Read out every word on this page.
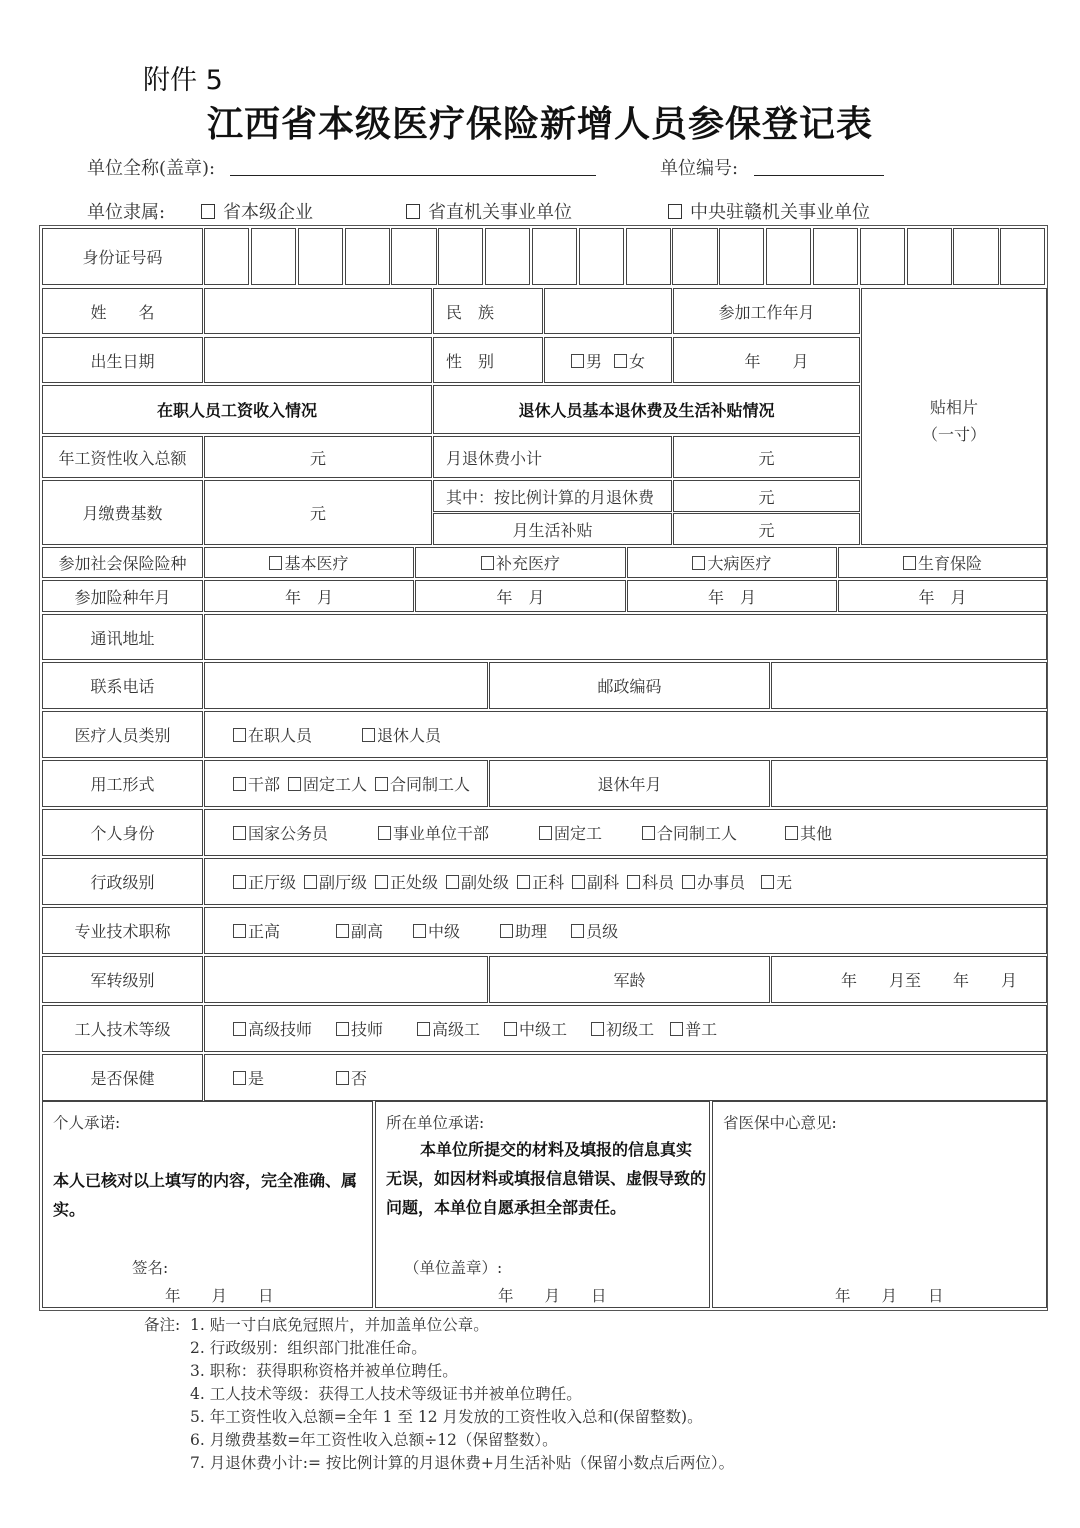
附件 5
江西省本级医疗保险新增人员参保登记表
单位全称(盖章):	单位编号:
单位隶属:	省本级企业	省直机关事业单位	中央驻赣机关事业单位
身份证号码
姓　　名	民　族	参加工作年月
贴相片
（一寸）
出生日期	性　别	男	女	年　　月
在职人员工资收入情况	退休人员基本退休费及生活补贴情况
年工资性收入总额	元	月退休费小计	元
月缴费基数	元
其中：按比例计算的月退休费	元
月生活补贴	元
参加社会保险险种	基本医疗	补充医疗	大病医疗	生育保险
参加险种年月	年　月	年　月	年　月	年　月
通讯地址
联系电话	邮政编码
医疗人员类别	在职人员	退休人员
用工形式	干部	固定工人	合同制工人	退休年月
个人身份	国家公务员	事业单位干部	固定工	合同制工人	其他
行政级别	正厅级	副厅级	正处级	副处级	正科	副科	科员	办事员	无
专业技术职称	正高	副高	中级	助理	员级
军转级别	军龄	年　　月至　　年　　月
工人技术等级	高级技师	技师	高级工	中级工	初级工	普工
是否保健	是	否
个人承诺:
本人已核对以上填写的内容，完全准确、属实。
签名:
年　　月　　日
所在单位承诺:
本单位所提交的材料及填报的信息真实
无误，如因材料或填报信息错误、虚假导致的问题，本单位自愿承担全部责任。
（单位盖章）:
年　　月　　日
省医保中心意见:
年　　月　　日
备注: 1. 贴一寸白底免冠照片，并加盖单位公章。
2. 行政级别：组织部门批准任命。
3. 职称：获得职称资格并被单位聘任。
4. 工人技术等级：获得工人技术等级证书并被单位聘任。
5. 年工资性收入总额=全年 1 至 12 月发放的工资性收入总和(保留整数)。
6. 月缴费基数=年工资性收入总额÷12（保留整数）。
7. 月退休费小计:= 按比例计算的月退休费+月生活补贴（保留小数点后两位）。
